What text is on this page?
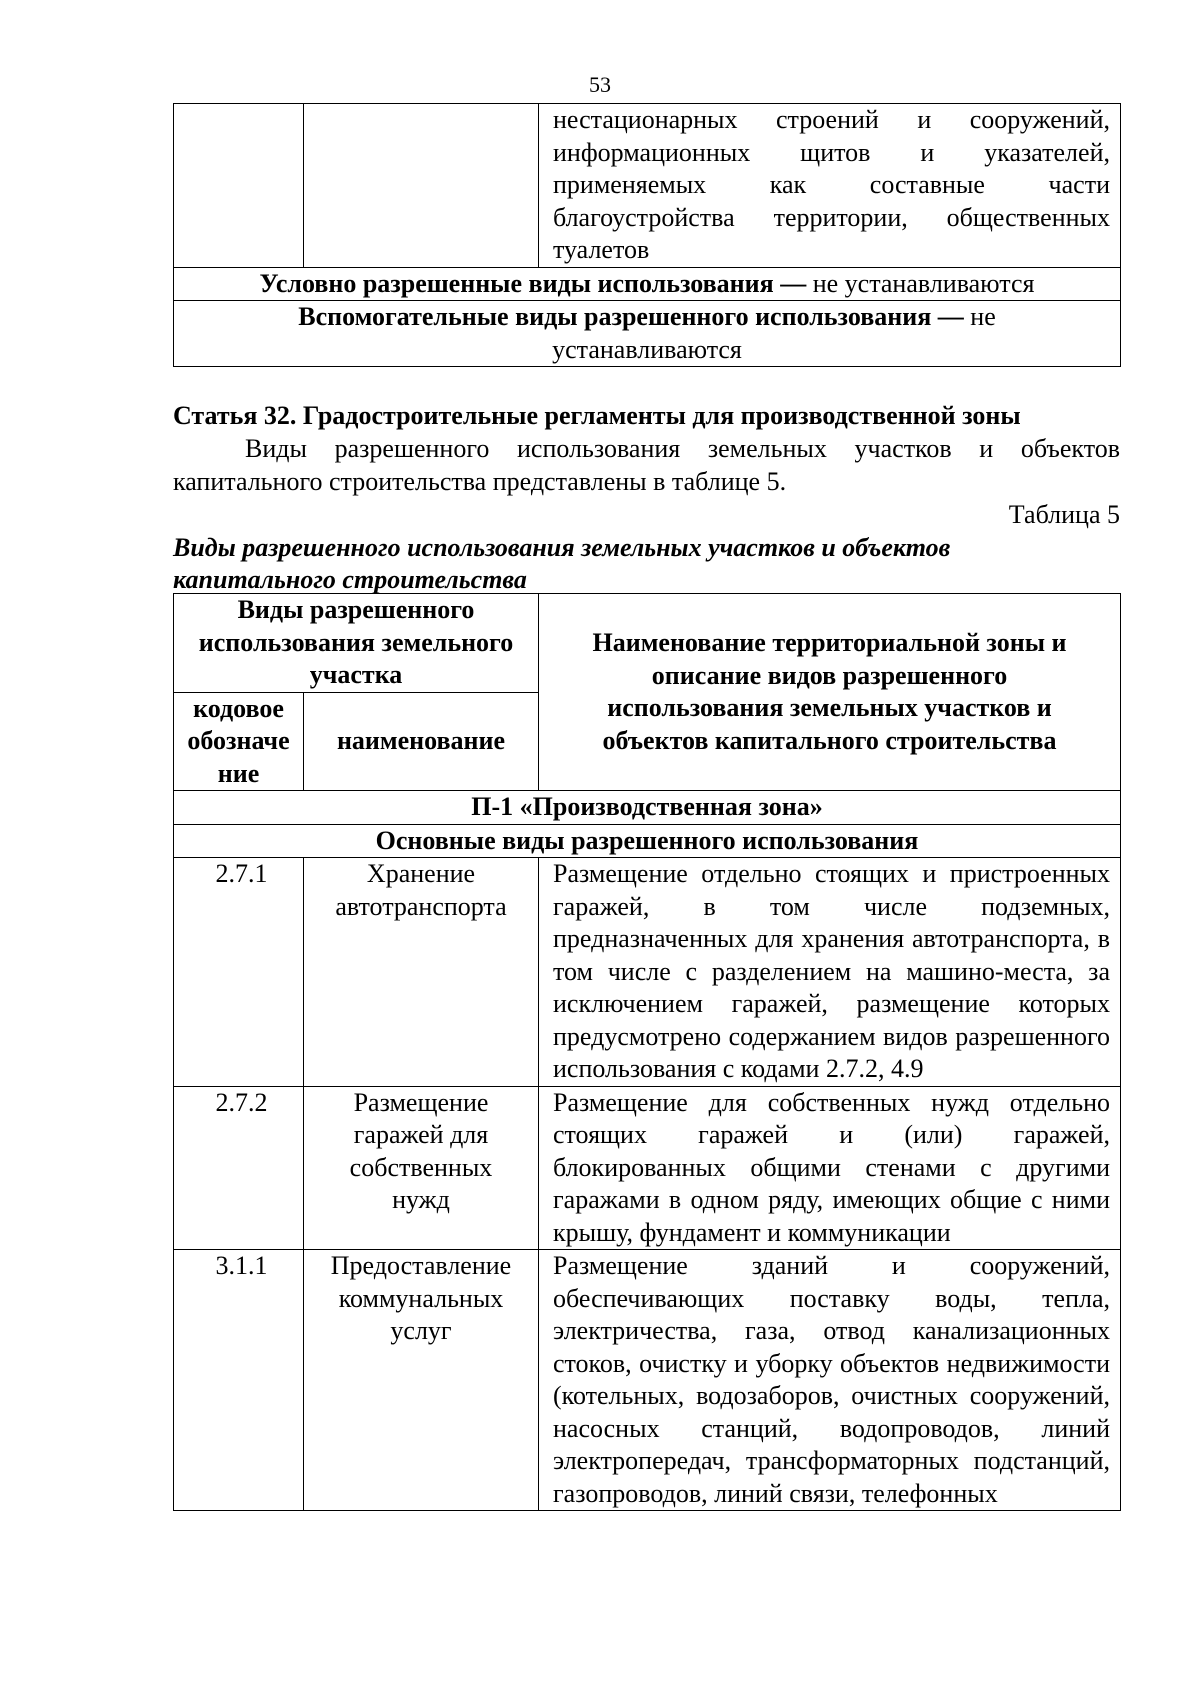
53
		нестационарных строений и сооружений, информационных щитов и указателей, применяемых как составные части благоустройства территории, общественных туалетов
Условно разрешенные виды использования — не устанавливаются
Вспомогательные виды разрешенного использования — не устанавливаются
Статья 32. Градостроительные регламенты для производственной зоны
Виды разрешенного использования земельных участков и объектов капитального строительства представлены в таблице 5.
Таблица 5
Виды разрешенного использования земельных участков и объектов капитального строительства
Виды разрешенного использования земельного участка		Наименование территориальной зоны и описание видов разрешенного использования земельных участков и объектов капитального строительства
кодовое обозначение	наименование	
П-1 «Производственная зона»		
Основные виды разрешенного использования		
2.7.1	Хранение автотранспорта	Размещение отдельно стоящих и пристроенных гаражей, в том числе подземных, предназначенных для хранения автотранспорта, в том числе с разделением на машино-места, за исключением гаражей, размещение которых предусмотрено содержанием видов разрешенного использования с кодами 2.7.2, 4.9
2.7.2	Размещение гаражей для собственных нужд	Размещение для собственных нужд отдельно стоящих гаражей и (или) гаражей, блокированных общими стенами с другими гаражами в одном ряду, имеющих общие с ними крышу, фундамент и коммуникации
3.1.1	Предоставление коммунальных услуг	Размещение зданий и сооружений, обеспечивающих поставку воды, тепла, электричества, газа, отвод канализационных стоков, очистку и уборку объектов недвижимости (котельных, водозаборов, очистных сооружений, насосных станций, водопроводов, линий электропередач, трансформаторных подстанций, газопроводов, линий связи, телефонных
